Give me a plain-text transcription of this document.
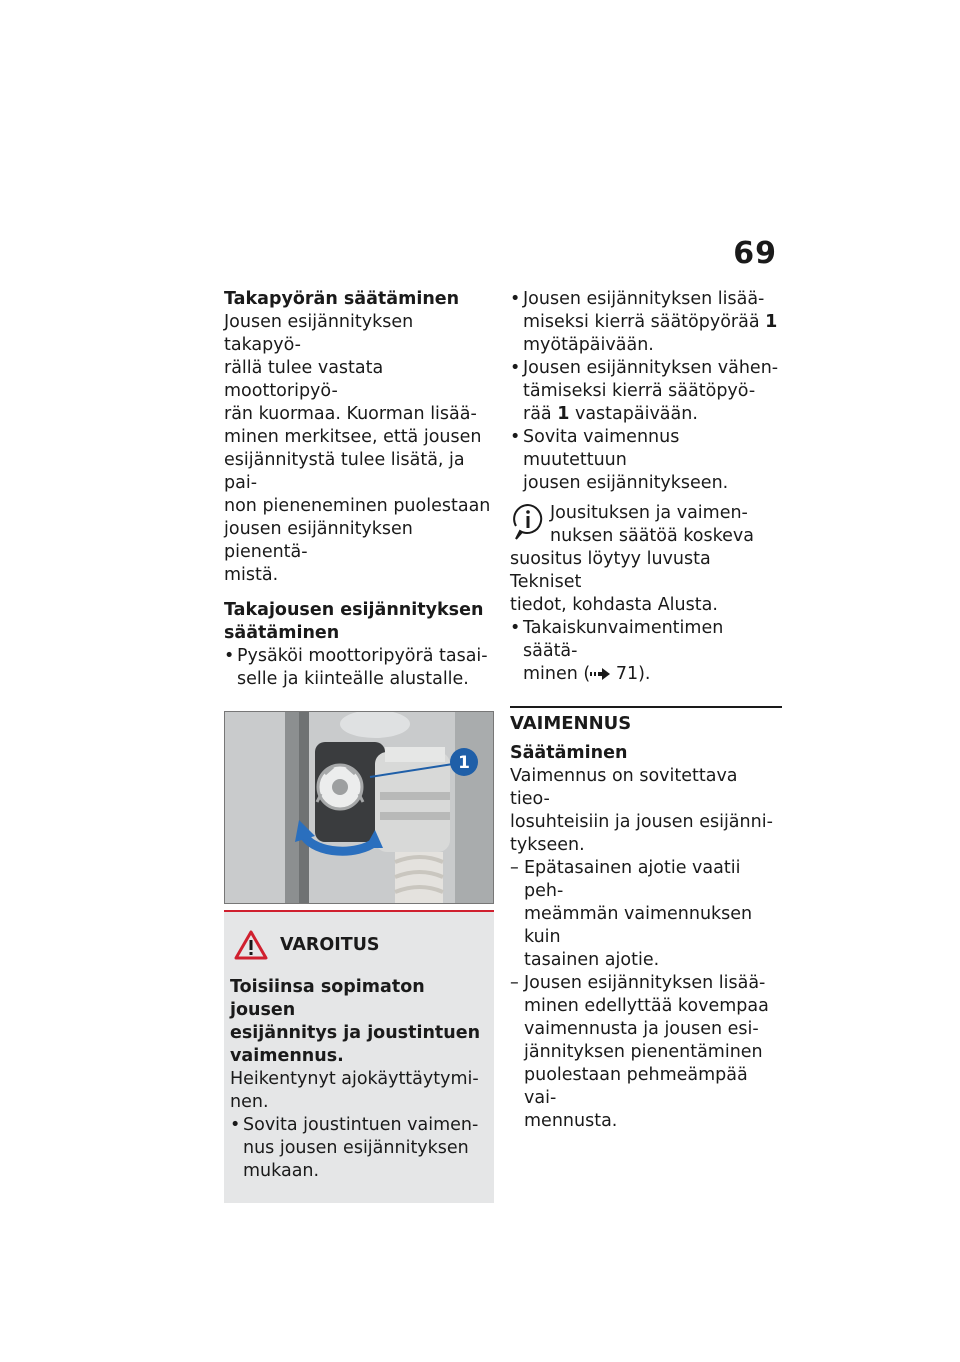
69

Takapyörän säätäminen

Jousen esijännityksen takapyö-
rällä tulee vastata moottoripyö-
rän kuormaa. Kuorman lisää-
minen merkitsee, että jousen
esijännitystä tulee lisätä, ja pai-
non pieneneminen puolestaan
jousen esijännityksen pienentä-
mistä.
Takajousen esijännityksen
säätäminen
• Pysäköi moottoripyörä tasai-
selle ja kiinteälle alustalle.
1
VAROITUS
Toisiinsa sopimaton jousen
esijännitys ja joustintuen
vaimennus.
Heikentynyt ajokäyttäytymi-
nen.
• Sovita joustintuen vaimen-
nus jousen esijännityksen
mukaan.
• Jousen esijännityksen lisää-
miseksi kierrä säätöpyörää 1
myötäpäivään.
• Jousen esijännityksen vähen-
tämiseksi kierrä säätöpyö-
rää 1 vastapäivään.
• Sovita vaimennus muutettuun
jousen esijännitykseen.
Jousituksen ja vaimen-
nuksen säätöä koskeva
suositus löytyy luvusta Tekniset
tiedot, kohdasta Alusta.
• Takaiskunvaimentimen säätä-
minen ( 71).
VAIMENNUS

Säätäminen

Vaimennus on sovitettava tieo-
losuhteisiin ja jousen esijänni-
tykseen.
– Epätasainen ajotie vaatii peh-
meämmän vaimennuksen kuin
tasainen ajotie.
– Jousen esijännityksen lisää-
minen edellyttää kovempaa
vaimennusta ja jousen esi-
jännityksen pienentäminen
puolestaan pehmeämpää vai-
mennusta.
